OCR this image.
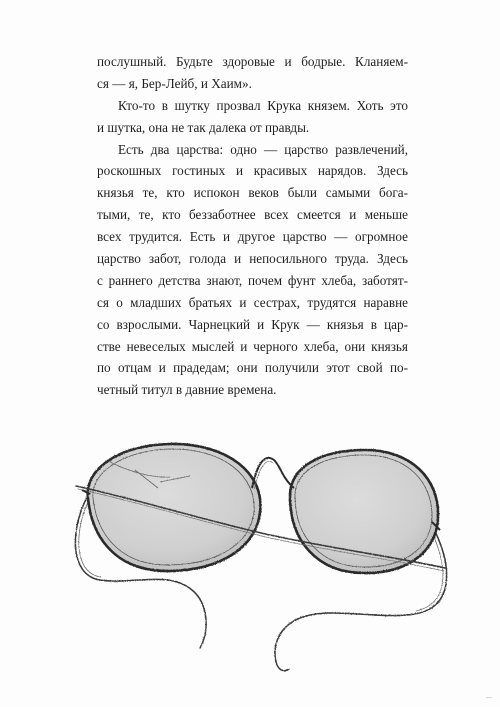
послушный. Будьте здоровые и бодрые. Кланяем-
ся — я, Бер-Лейб, и Хаим».
Кто-то в шутку прозвал Крука князем. Хоть это
и шутка, она не так далека от правды.
Есть два царства: одно — царство развлечений,
роскошных гостиных и красивых нарядов. Здесь
князья те, кто испокон веков были самыми бога-
тыми, те, кто беззаботнее всех смеется и меньше
всех трудится. Есть и другое царство — огромное
царство забот, голода и непосильного труда. Здесь
с раннего детства знают, почем фунт хлеба, заботят-
ся о младших братьях и сестрах, трудятся наравне
со взрослыми. Чарнецкий и Крук — князья в цар-
стве невеселых мыслей и черного хлеба, они князья
по отцам и прадедам; они получили этот свой по-
четный титул в давние времена.
